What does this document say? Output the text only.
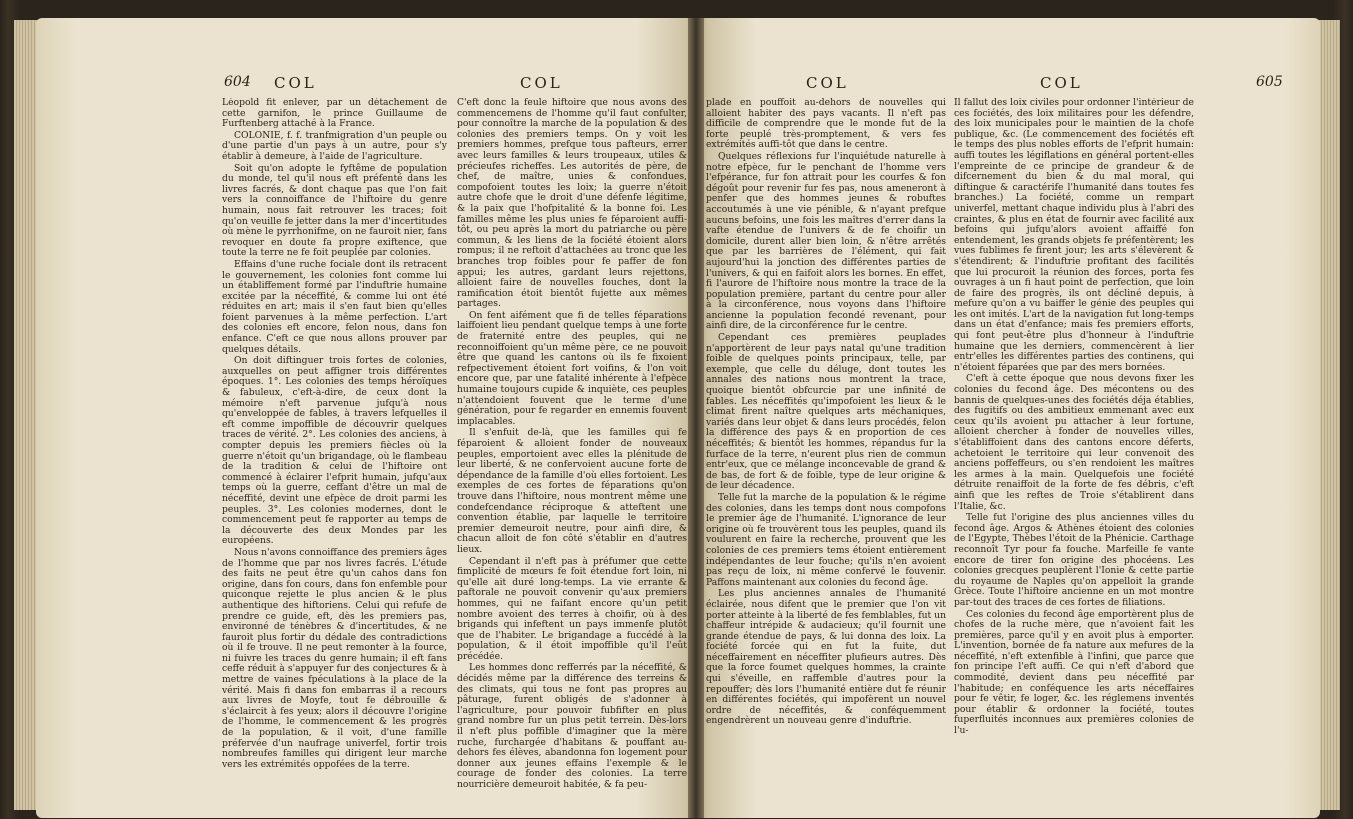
604 COL	COL

Léopold fit enlever, par un détachement de cette garnifon, le prince Guillaume de Furftenberg attaché à la France.

COLONIE, f. f. tranfmigration d'un peuple ou d'une partie d'un pays à un autre, pour s'y établir à demeure, à l'aide de l'agriculture.

Soit qu'on adopte le fyftême de population du monde, tel qu'il nous eft préfenté dans les livres facrés, & dont chaque pas que l'on fait vers la connoiffance de l'hiftoire du genre humain, nous fait retrouver les traces; foit qu'on veuille fe jetter dans la mer d'incertitudes où mène le pyrrhonifme, on ne fauroit nier, fans revoquer en doute fa propre exiftence, que toute la terre ne fe foit peuplée par colonies.

Effains d'une ruche fociale dont ils retracent le gouvernement, les colonies font comme lui un établiffement formé par l'induftrie humaine excitée par la néceffité, & comme lui ont été réduites en art; mais il s'en faut bien qu'elles foient parvenues à la même perfection. L'art des colonies eft encore, felon nous, dans fon enfance. C'eft ce que nous allons prouver par quelques détails.

On doit diftinguer trois fortes de colonies, auxquelles on peut affigner trois différentes époques. 1°. Les colonies des temps héroïques & fabuleux, c'eft-à-dire, de ceux dont la mémoire n'eft parvenue jufqu'à nous qu'enveloppée de fables, à travers lefquelles il eft comme impoffible de découvrir quelques traces de vérité. 2°. Les colonies des anciens, à compter depuis les premiers fiècles où la guerre n'étoit qu'un brigandage, où le flambeau de la tradition & celui de l'hiftoire ont commencé à éclairer l'efprit humain, jufqu'aux temps où la guerre, ceffant d'être un mal de néceffité, devint une efpèce de droit parmi les peuples. 3°. Les colonies modernes, dont le commencement peut fe rapporter au temps de la découverte des deux Mondes par les européens.

Nous n'avons connoiffance des premiers âges de l'homme que par nos livres facrés. L'étude des faits ne peut être qu'un cahos dans fon origine, dans fon cours, dans fon enfemble pour quiconque rejette le plus ancien & le plus authentique des hiftoriens. Celui qui refufe de prendre ce guide, eft, dès les premiers pas, environné de ténèbres & d'incertitudes, & ne fauroit plus fortir du dédale des contradictions où il fe trouve. Il ne peut remonter à la fource, ni fuivre les traces du genre humain; il eft fans ceffe réduit à s'appuyer fur des conjectures & à mettre de vaines fpéculations à la place de la vérité. Mais fi dans fon embarras il a recours aux livres de Moyfe, tout fe débrouille & s'éclaircit à fes yeux; alors il découvre l'origine de l'homme, le commencement & les progrès de la population, & il voit, d'une famille préfervée d'un naufrage univerfel, fortir trois nombreufes familles qui dirigent leur marche vers les extrémités oppofées de la terre.

C'eft donc la feule hiftoire que nous avons des commencemens de l'homme qu'il faut confulter, pour connoître la marche de la population & des colonies des premiers temps. On y voit les premiers hommes, prefque tous pafteurs, errer avec leurs familles & leurs troupeaux, utiles & précieufes richeffes. Les autorités de père, de chef, de maître, unies & confondues, compofoient toutes les loix; la guerre n'étoit autre chofe que le droit d'une défenfe légitime, & la paix que l'hofpitalité & la bonne foi. Les familles même les plus unies fe féparoient auffi-tôt, ou peu après la mort du patriarche ou père commun, & les liens de la fociété étoient alors rompus; il ne reftoit d'attachées au tronc que les branches trop foibles pour fe paffer de fon appui; les autres, gardant leurs rejettons, alloient faire de nouvelles fouches, dont la ramification étoit bientôt fujette aux mêmes partages.

On fent aifément que fi de telles féparations laiffoient lieu pendant quelque temps à une forte de fraternité entre des peuples, qui ne reconnoiffoient qu'un même père, ce ne pouvoit être que quand les cantons où ils fe fixoient refpectivement étoient fort voifins, & l'on voit encore que, par une fatalité inhérente à l'efpèce humaine toujours cupide & inquiète, ces peuples n'attendoient fouvent que le terme d'une génération, pour fe regarder en ennemis fouvent implacables.

Il s'enfuit de-là, que les familles qui fe féparoient & alloient fonder de nouveaux peuples, emportoient avec elles la plénitude de leur liberté, & ne confervoient aucune forte de dépendance de la famille d'où elles fortoient. Les exemples de ces fortes de féparations qu'on trouve dans l'hiftoire, nous montrent même une condefcendance réciproque & atteftent une convention établie, par laquelle le territoire premier demeuroit neutre, pour ainfi dire, & chacun alloit de fon côté s'établir en d'autres lieux.

Cependant il n'eft pas à préfumer que cette fimplicité de mœurs fe foit étendue fort loin, ni qu'elle ait duré long-temps. La vie errante & paftorale ne pouvoit convenir qu'aux premiers hommes, qui ne faifant encore qu'un petit nombre avoient des terres à choifir, où à des brigands qui infeftent un pays immenfe plutôt que de l'habiter. Le brigandage a fuccédé à la population, & il étoit impoffible qu'il l'eût précédée.

Les hommes donc refferrés par la néceffité, & décidés même par la différence des terreins & des climats, qui tous ne font pas propres au pâturage, furent obligés de s'adonner à l'agriculture, pour pouvoir fubfifter en plus grand nombre fur un plus petit terrein. Dès-lors il n'eft plus poffible d'imaginer que la mère ruche, furchargée d'habitans & pouffant au-dehors fes élèves, abandonna fon logement pour donner aux jeunes effains l'exemple & le courage de fonder des colonies. La terre nourricière demeuroit habitée, & fa peu-

COL	COL	605

plade en pouffoit au-dehors de nouvelles qui alloient habiter des pays vacants. Il n'eft pas difficile de comprendre que le monde fut de la forte peuplé très-promptement, & vers fes extrémités auffi-tôt que dans le centre.

Quelques réflexions fur l'inquiétude naturelle à notre efpèce, fur le penchant de l'homme vers l'efpérance, fur fon attrait pour les courfes & fon dégoût pour revenir fur fes pas, nous ameneront à penfer que des hommes jeunes & robuftes accoutumés à une vie pénible, & n'ayant prefque aucuns befoins, une fois les maîtres d'errer dans la vafte étendue de l'univers & de fe choifir un domicile, durent aller bien loin, & n'être arrêtés que par les barrières de l'élément, qui fait aujourd'hui la jonction des différentes parties de l'univers, & qui en faifoit alors les bornes. En effet, fi l'aurore de l'hiftoire nous montre la trace de la population première, partant du centre pour aller à la circonférence, nous voyons dans l'hiftoire ancienne la population fecondé revenant, pour ainfi dire, de la circonférence fur le centre.

Cependant ces premières peuplades n'apportèrent de leur pays natal qu'une tradition foible de quelques points principaux, telle, par exemple, que celle du déluge, dont toutes les annales des nations nous montrent la trace, quoique bientôt obfcurcie par une infinité de fables. Les néceffités qu'impofoient les lieux & le climat firent naître quelques arts méchaniques, variés dans leur objet & dans leurs procédés, felon la différence des pays & en proportion de ces néceffités; & bientôt les hommes, répandus fur la furface de la terre, n'eurent plus rien de commun entr'eux, que ce mélange inconcevable de grand & de bas, de fort & de foible, type de leur origine & de leur décadence.

Telle fut la marche de la population & le régime des colonies, dans les temps dont nous compofons le premier âge de l'humanité. L'ignorance de leur origine où fe trouvèrent tous les peuples, quand ils voulurent en faire la recherche, prouvent que les colonies de ces premiers tems étoient entièrement indépendantes de leur fouche; qu'ils n'en avoient pas reçu de loix, ni même confervé le fouvenir. Paffons maintenant aux colonies du fecond âge.

Les plus anciennes annales de l'humanité éclairée, nous difent que le premier que l'on vit porter atteinte à la liberté de fes femblables, fut un chaffeur intrépide & audacieux; qu'il fournit une grande étendue de pays, & lui donna des loix. La fociété forcée qui en fut la fuite, dut néceffairement en néceffiter plufieurs autres. Dès que la force foumet quelques hommes, la crainte qui s'éveille, en raffemble d'autres pour la repouffer; dès lors l'humanité entière dut fe réunir en différentes fociétés, qui impofèrent un nouvel ordre de néceffités, & conféquemment engendrèrent un nouveau genre d'induftrie.

Il fallut des loix civiles pour ordonner l'intérieur de ces fociétés, des loix militaires pour les défendre, des loix municipales pour le maintien de la chofe publique, &c. (Le commencement des fociétés eft le temps des plus nobles efforts de l'efprit humain: auffi toutes les légiflations en général portent-elles l'empreinte de ce principe de grandeur & de difcernement du bien & du mal moral, qui diftingue & caractérife l'humanité dans toutes fes branches.) La fociété, comme un rempart univerfel, mettant chaque individu plus à l'abri des craintes, & plus en état de fournir avec facilité aux befoins qui jufqu'alors avoient affaiffé fon entendement, les grands objets fe préfentèrent; les vues fublimes fe firent jour; les arts s'élevèrent & s'étendirent; & l'induftrie profitant des facilités que lui procuroit la réunion des forces, porta fes ouvrages à un fi haut point de perfection, que loin de faire des progrès, ils ont décliné depuis, à mefure qu'on a vu baiffer le génie des peuples qui les ont imités. L'art de la navigation fut long-temps dans un état d'enfance; mais fes premiers efforts, qui font peut-être plus d'honneur à l'induftrie humaine que les derniers, commencèrent à lier entr'elles les différentes parties des continens, qui n'étoient féparées que par des mers bornées.

C'eft à cette époque que nous devons fixer les colonies du fecond âge. Des mécontens ou des bannis de quelques-unes des fociétés déja établies, des fugitifs ou des ambitieux emmenant avec eux ceux qu'ils avoient pu attacher à leur fortune, alloient chercher à fonder de nouvelles villes, s'établiffoient dans des cantons encore déferts, achetoient le territoire qui leur convenoit des anciens poffeffeurs, ou s'en rendoient les maîtres les armes à la main. Quelquefois une fociété détruite renaiffoit de la forte de fes débris, c'eft ainfi que les reftes de Troie s'établirent dans l'Italie, &c.

Telle fut l'origine des plus anciennes villes du fecond âge. Argos & Athènes étoient des colonies de l'Egypte, Thèbes l'étoit de la Phénicie. Carthage reconnoît Tyr pour fa fouche. Marfeille fe vante encore de tirer fon origine des phocéens. Les colonies grecques peuplèrent l'Ionie & cette partie du royaume de Naples qu'on appelloit la grande Grèce. Toute l'hiftoire ancienne en un mot montre par-tout des traces de ces fortes de filiations.

Ces colonies du fecond âge emportèrent plus de chofes de la ruche mère, que n'avoient fait les premières, parce qu'il y en avoit plus à emporter. L'invention, bornée de fa nature aux mefures de la néceffité, n'eft extenfible à l'infini, que parce que fon principe l'eft auffi. Ce qui n'eft d'abord que commodité, devient dans peu néceffité par l'habitude; en conféquence les arts néceffaires pour fe vêtir, fe loger, &c. les réglemens inventés pour établir & ordonner la fociété, toutes fuperfluités inconnues aux premières colonies de l'u-
